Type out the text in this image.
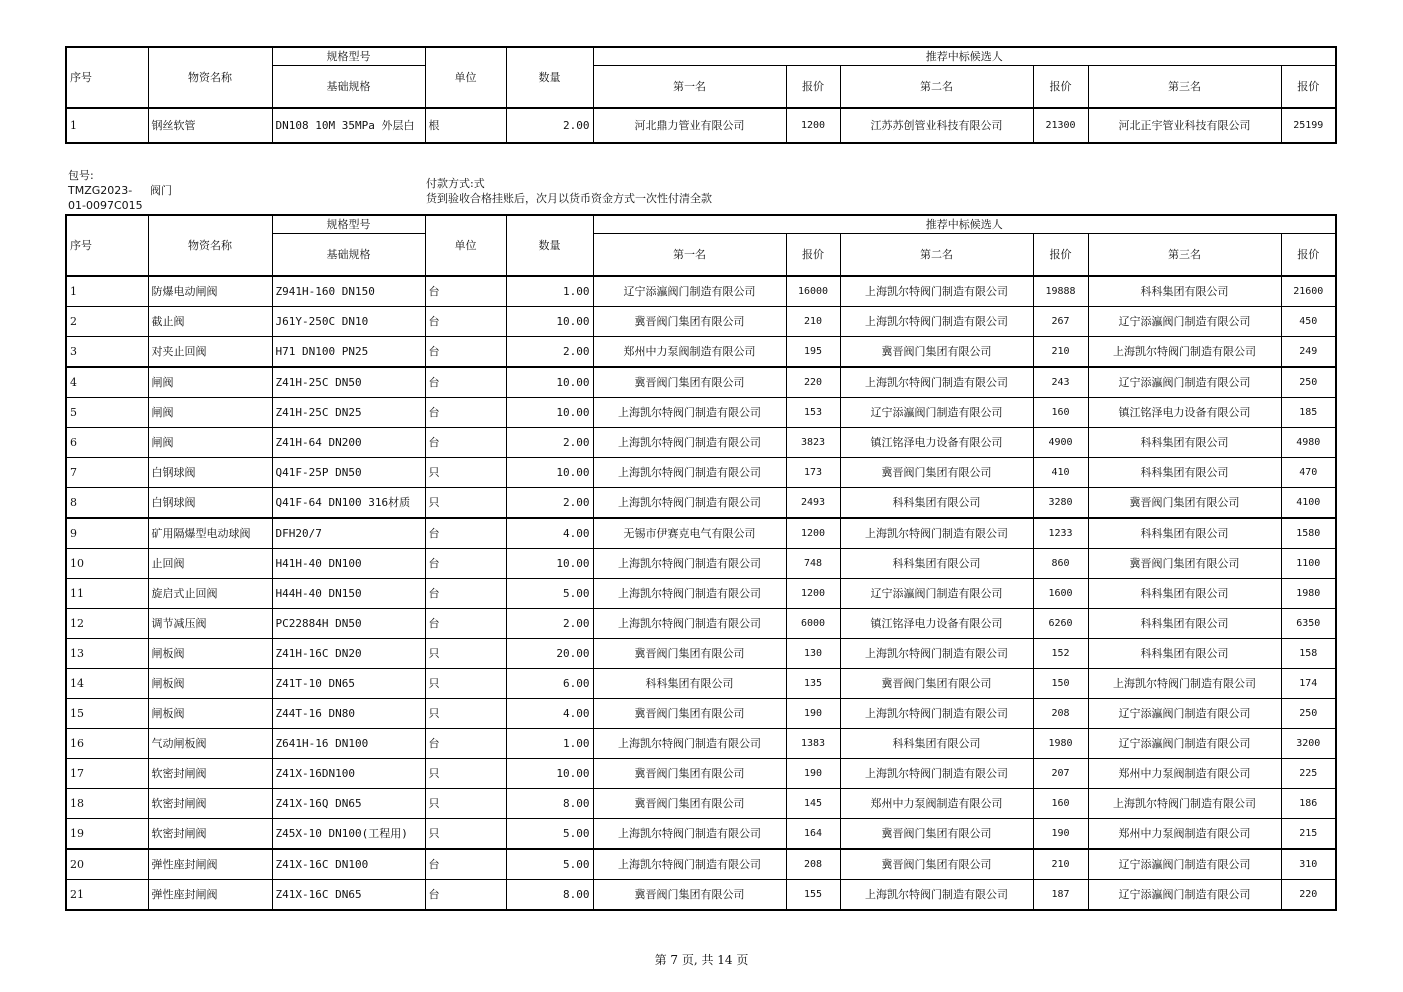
序号	物资名称	规格型号	单位	数量	推荐中标候选人					
		基础规格			第一名	报价	第二名	报价	第三名	报价
1	钢丝软管	DN108 10M 35MPa 外层白	根	2.00	河北鼎力管业有限公司	1200	江苏苏创管业科技有限公司	21300	河北正宇管业科技有限公司	25199
包号:
TMZG2023-
01-0097C015
阀门
付款方式:式
货到验收合格挂账后，次月以货币资金方式一次性付清全款
序号	物资名称	规格型号	单位	数量	推荐中标候选人					
		基础规格			第一名	报价	第二名	报价	第三名	报价
1	防爆电动闸阀	Z941H-160 DN150	台	1.00	辽宁添瀛阀门制造有限公司	16000	上海凯尔特阀门制造有限公司	19888	科科集团有限公司	21600
2	截止阀	J61Y-250C DN10	台	10.00	冀晋阀门集团有限公司	210	上海凯尔特阀门制造有限公司	267	辽宁添瀛阀门制造有限公司	450
3	对夹止回阀	H71 DN100 PN25	台	2.00	郑州中力泵阀制造有限公司	195	冀晋阀门集团有限公司	210	上海凯尔特阀门制造有限公司	249
4	闸阀	Z41H-25C DN50	台	10.00	冀晋阀门集团有限公司	220	上海凯尔特阀门制造有限公司	243	辽宁添瀛阀门制造有限公司	250
5	闸阀	Z41H-25C DN25	台	10.00	上海凯尔特阀门制造有限公司	153	辽宁添瀛阀门制造有限公司	160	镇江铭泽电力设备有限公司	185
6	闸阀	Z41H-64 DN200	台	2.00	上海凯尔特阀门制造有限公司	3823	镇江铭泽电力设备有限公司	4900	科科集团有限公司	4980
7	白钢球阀	Q41F-25P DN50	只	10.00	上海凯尔特阀门制造有限公司	173	冀晋阀门集团有限公司	410	科科集团有限公司	470
8	白钢球阀	Q41F-64 DN100 316材质	只	2.00	上海凯尔特阀门制造有限公司	2493	科科集团有限公司	3280	冀晋阀门集团有限公司	4100
9	矿用隔爆型电动球阀	DFH20/7	台	4.00	无锡市伊赛克电气有限公司	1200	上海凯尔特阀门制造有限公司	1233	科科集团有限公司	1580
10	止回阀	H41H-40 DN100	台	10.00	上海凯尔特阀门制造有限公司	748	科科集团有限公司	860	冀晋阀门集团有限公司	1100
11	旋启式止回阀	H44H-40 DN150	台	5.00	上海凯尔特阀门制造有限公司	1200	辽宁添瀛阀门制造有限公司	1600	科科集团有限公司	1980
12	调节减压阀	PC22884H DN50	台	2.00	上海凯尔特阀门制造有限公司	6000	镇江铭泽电力设备有限公司	6260	科科集团有限公司	6350
13	闸板阀	Z41H-16C DN20	只	20.00	冀晋阀门集团有限公司	130	上海凯尔特阀门制造有限公司	152	科科集团有限公司	158
14	闸板阀	Z41T-10 DN65	只	6.00	科科集团有限公司	135	冀晋阀门集团有限公司	150	上海凯尔特阀门制造有限公司	174
15	闸板阀	Z44T-16 DN80	只	4.00	冀晋阀门集团有限公司	190	上海凯尔特阀门制造有限公司	208	辽宁添瀛阀门制造有限公司	250
16	气动闸板阀	Z641H-16 DN100	台	1.00	上海凯尔特阀门制造有限公司	1383	科科集团有限公司	1980	辽宁添瀛阀门制造有限公司	3200
17	软密封闸阀	Z41X-16DN100	只	10.00	冀晋阀门集团有限公司	190	上海凯尔特阀门制造有限公司	207	郑州中力泵阀制造有限公司	225
18	软密封闸阀	Z41X-16Q DN65	只	8.00	冀晋阀门集团有限公司	145	郑州中力泵阀制造有限公司	160	上海凯尔特阀门制造有限公司	186
19	软密封闸阀	Z45X-10 DN100(工程用)	只	5.00	上海凯尔特阀门制造有限公司	164	冀晋阀门集团有限公司	190	郑州中力泵阀制造有限公司	215
20	弹性座封闸阀	Z41X-16C DN100	台	5.00	上海凯尔特阀门制造有限公司	208	冀晋阀门集团有限公司	210	辽宁添瀛阀门制造有限公司	310
21	弹性座封闸阀	Z41X-16C DN65	台	8.00	冀晋阀门集团有限公司	155	上海凯尔特阀门制造有限公司	187	辽宁添瀛阀门制造有限公司	220
第 7 页, 共 14 页
